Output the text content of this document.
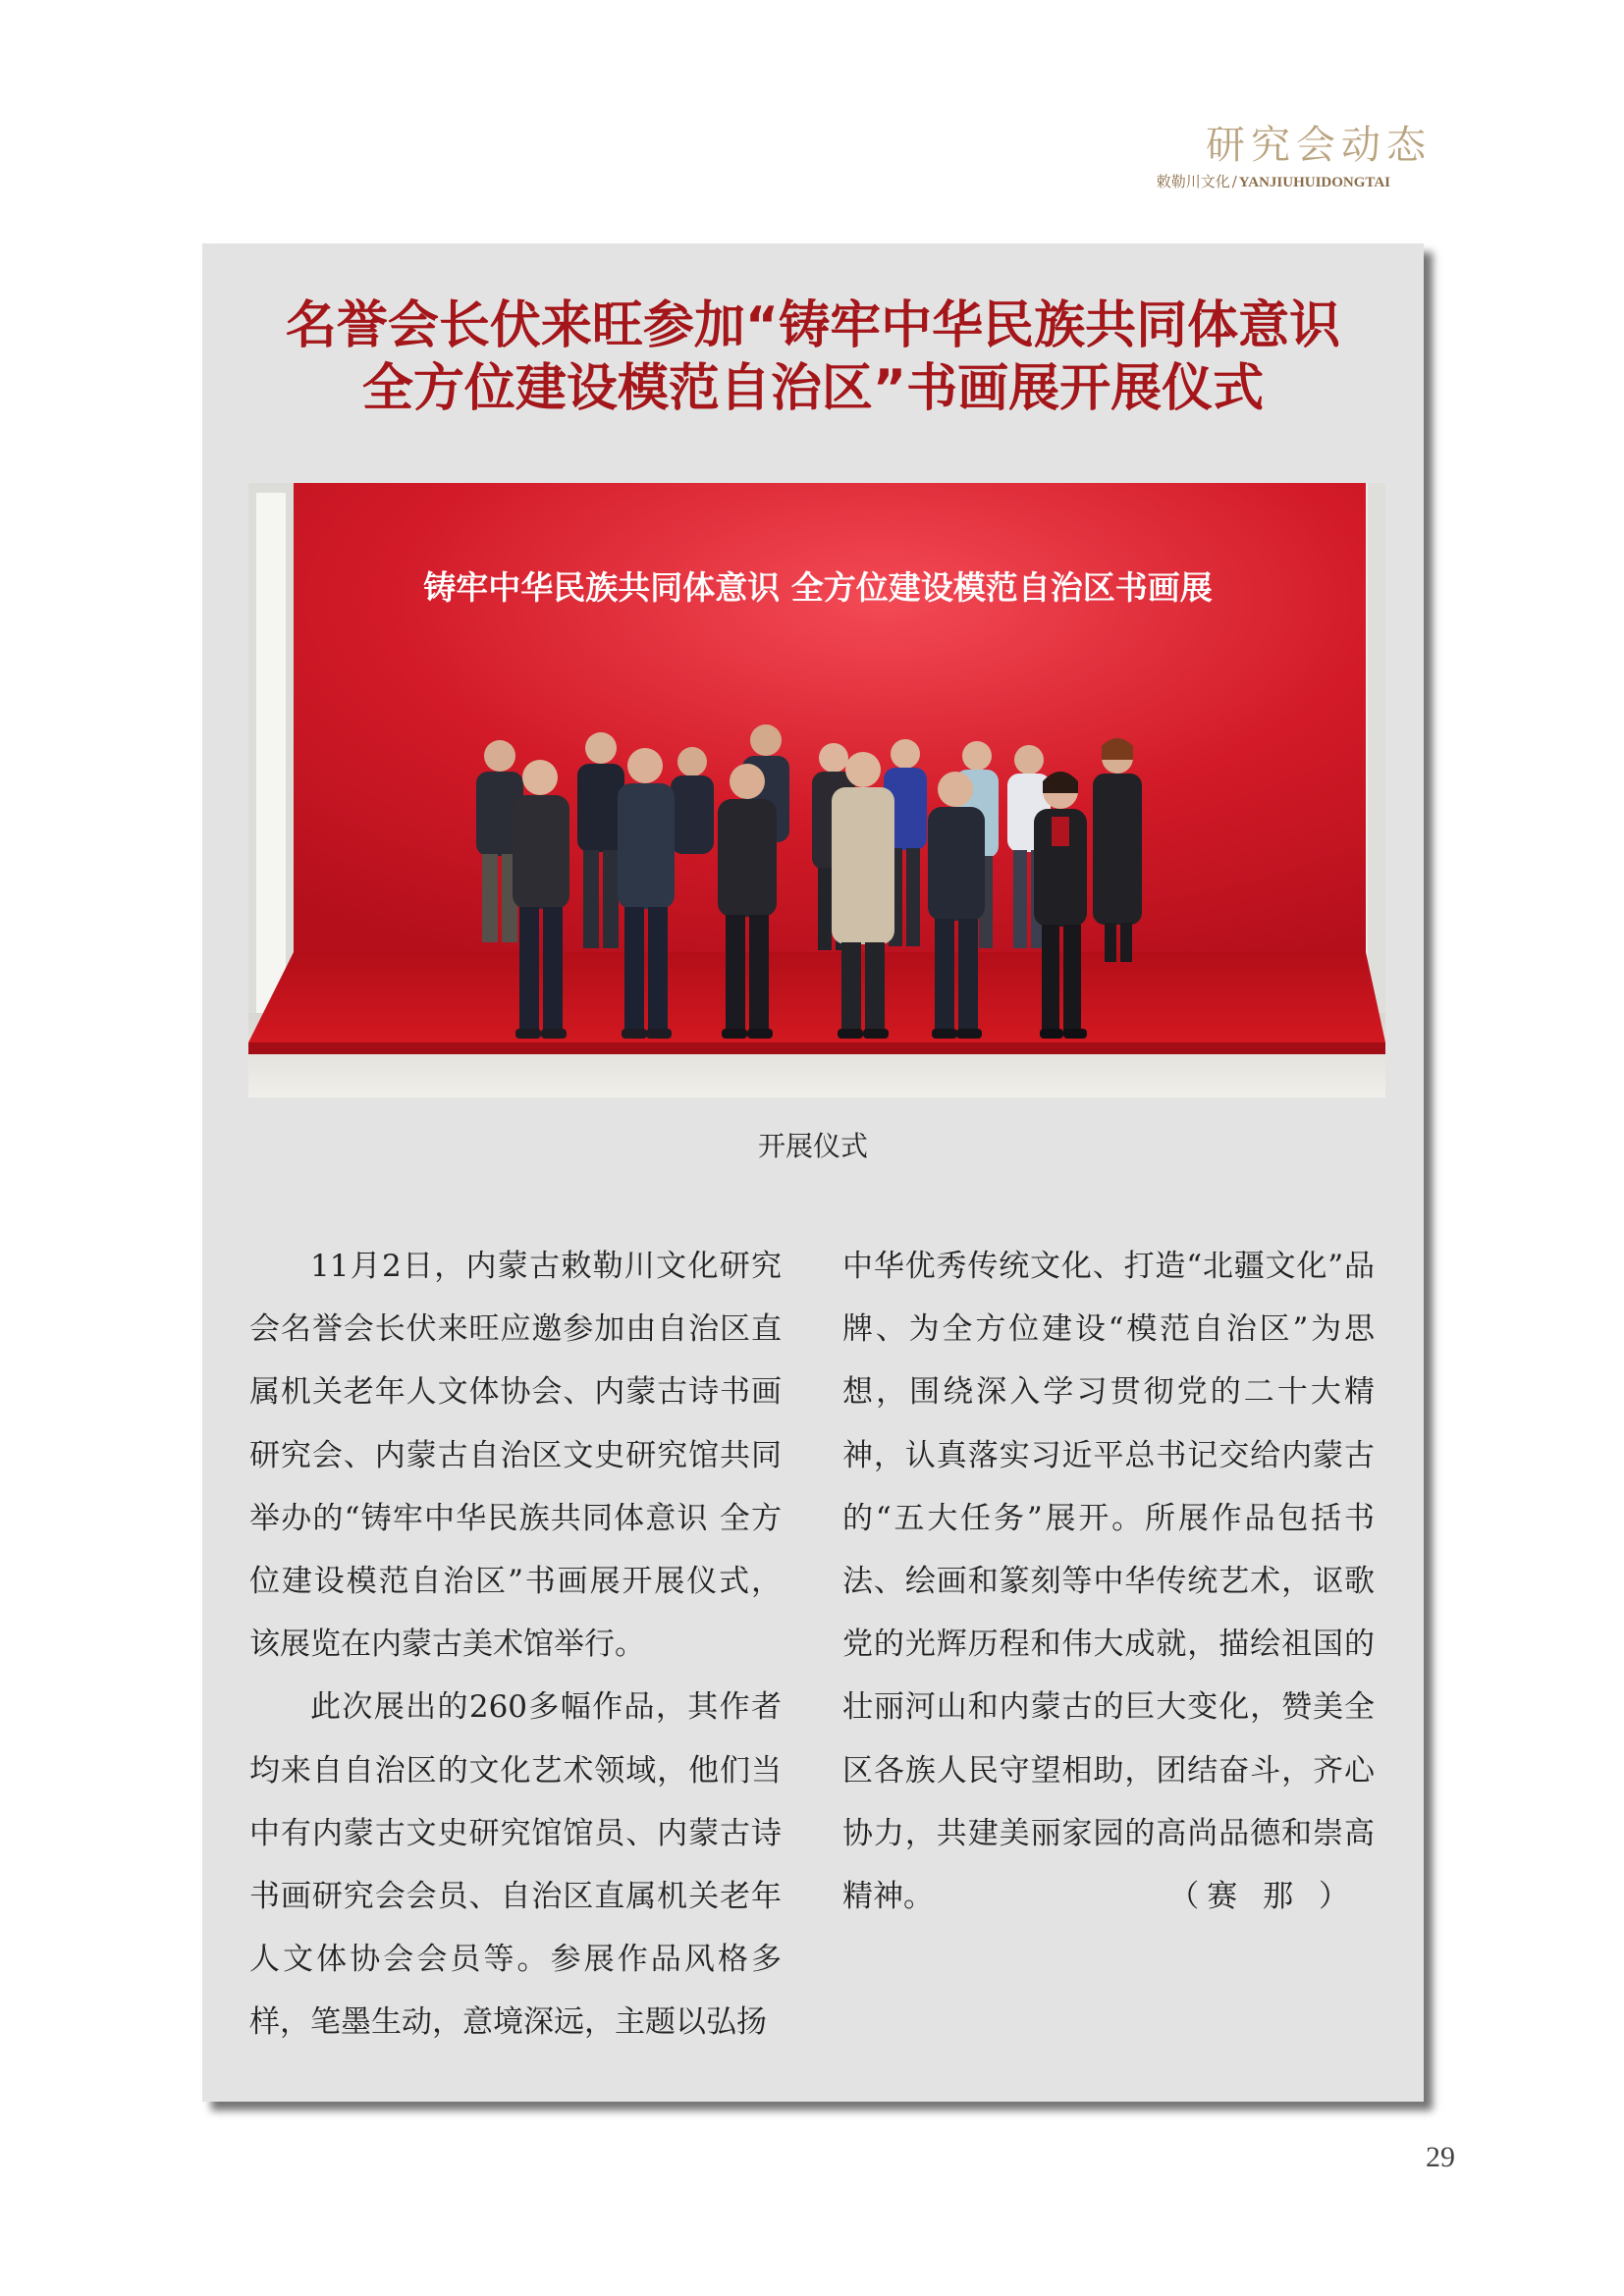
研究会动态
敕勒川文化 / YANJIUHUIDONGTAI
名誉会长伏来旺参加“铸牢中华民族共同体意识
全方位建设模范自治区”书画展开展仪式
铸牢中华民族共同体意识 全方位建设模范自治区书画展
开展仪式

11月2日，内蒙古敕勒川文化研究会名誉会长伏来旺应邀参加由自治区直属机关老年人文体协会、内蒙古诗书画研究会、内蒙古自治区文史研究馆共同举办的“铸牢中华民族共同体意识 全方位建设模范自治区”书画展开展仪式，该展览在内蒙古美术馆举行。

此次展出的260多幅作品，其作者均来自自治区的文化艺术领域，他们当中有内蒙古文史研究馆馆员、内蒙古诗书画研究会会员、自治区直属机关老年人文体协会会员等。参展作品风格多样，笔墨生动，意境深远，主题以弘扬

中华优秀传统文化、打造“北疆文化”品牌、为全方位建设“模范自治区”为思想，围绕深入学习贯彻党的二十大精神，认真落实习近平总书记交给内蒙古的“五大任务”展开。所展作品包括书法、绘画和篆刻等中华传统艺术，讴歌党的光辉历程和伟大成就，描绘祖国的壮丽河山和内蒙古的巨大变化，赞美全区各族人民守望相助，团结奋斗，齐心协力，共建美丽家园的高尚品德和崇高精神。	（赛 那 ）

29
